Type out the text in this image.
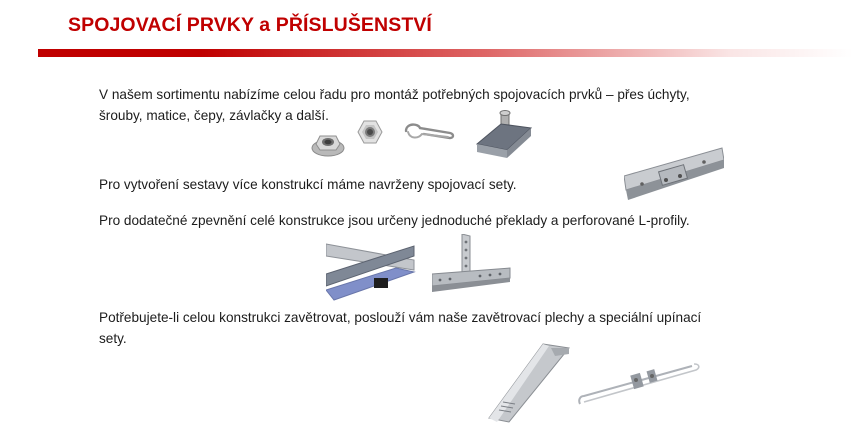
SPOJOVACÍ PRVKY a PŘÍSLUŠENSTVÍ
V našem sortimentu nabízíme celou řadu pro montáž potřebných spojovacích prvků – přes úchyty,
šrouby, matice, čepy, závlačky a další.
Pro vytvoření sestavy více konstrukcí máme navrženy spojovací sety.
Pro dodatečné zpevnění celé konstrukce jsou určeny jednoduché překlady a perforované L-profily.
Potřebujete-li celou konstrukci zavětrovat, poslouží vám naše zavětrovací plechy a speciální upínací
sety.
